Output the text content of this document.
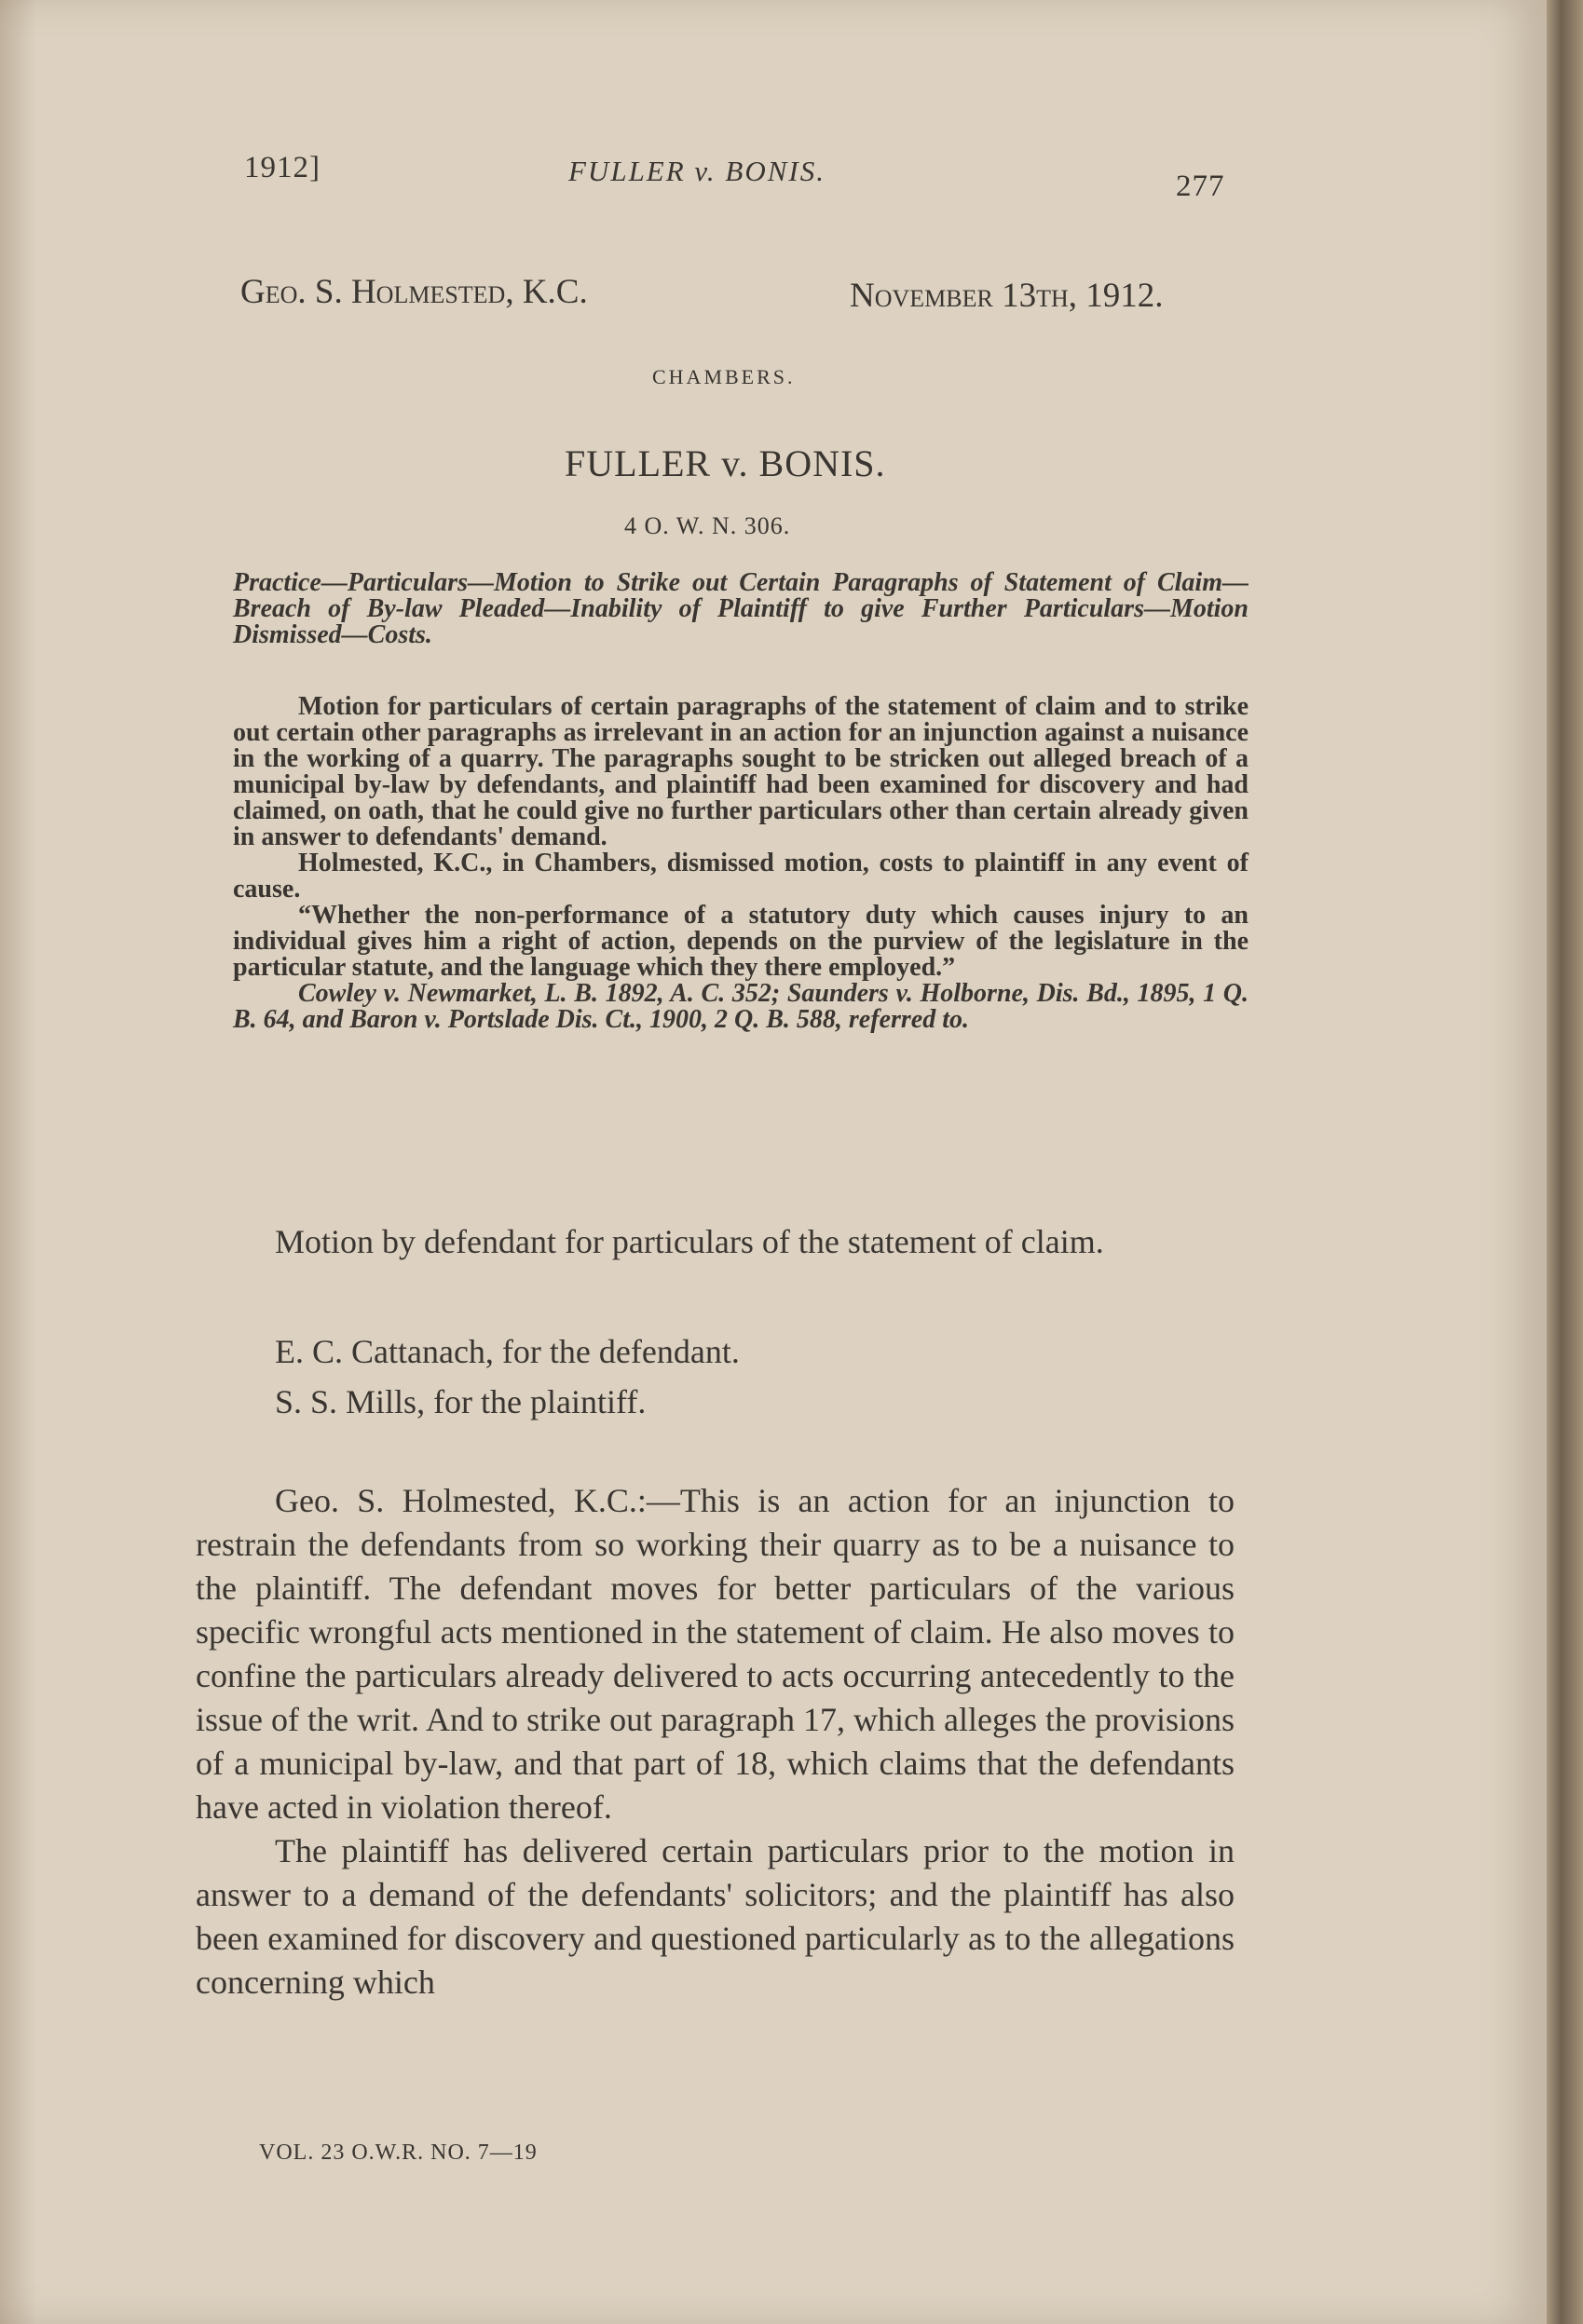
1912]	FULLER v. BONIS.	277
Geo. S. Holmested, K.C.	November 13th, 1912.
CHAMBERS.
FULLER v. BONIS.
4 O. W. N. 306.
Practice—Particulars—Motion to Strike out Certain Paragraphs of Statement of Claim—Breach of By-law Pleaded—Inability of Plaintiff to give Further Particulars—Motion Dismissed—Costs.

Motion for particulars of certain paragraphs of the statement of claim and to strike out certain other paragraphs as irrelevant in an action for an injunction against a nuisance in the working of a quarry. The paragraphs sought to be stricken out alleged breach of a municipal by-law by defendants, and plaintiff had been examined for discovery and had claimed, on oath, that he could give no further particulars other than certain already given in answer to defendants' demand.

Holmested, K.C., in Chambers, dismissed motion, costs to plaintiff in any event of cause.

“Whether the non-performance of a statutory duty which causes injury to an individual gives him a right of action, depends on the purview of the legislature in the particular statute, and the language which they there employed.”

Cowley v. Newmarket, L. B. 1892, A. C. 352; Saunders v. Holborne, Dis. Bd., 1895, 1 Q. B. 64, and Baron v. Portslade Dis. Ct., 1900, 2 Q. B. 588, referred to.

Motion by defendant for particulars of the statement of claim.

E. C. Cattanach, for the defendant.
S. S. Mills, for the plaintiff.

Geo. S. Holmested, K.C.:—This is an action for an injunction to restrain the defendants from so working their quarry as to be a nuisance to the plaintiff. The defendant moves for better particulars of the various specific wrongful acts mentioned in the statement of claim. He also moves to confine the particulars already delivered to acts occurring antecedently to the issue of the writ. And to strike out paragraph 17, which alleges the provisions of a municipal by-law, and that part of 18, which claims that the defendants have acted in violation thereof.

The plaintiff has delivered certain particulars prior to the motion in answer to a demand of the defendants' solicitors; and the plaintiff has also been examined for discovery and questioned particularly as to the allegations concerning which

VOL. 23 O.W.R. NO. 7—19
